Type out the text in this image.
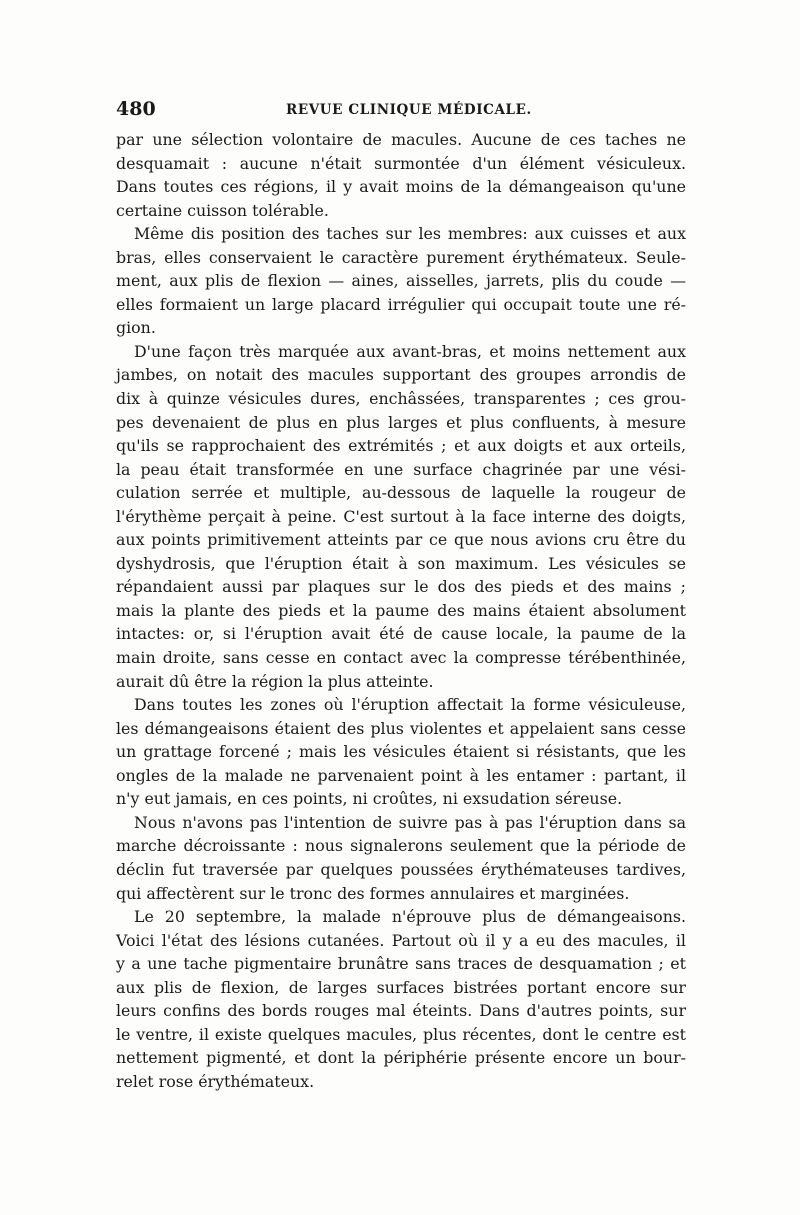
480	REVUE CLINIQUE MÉDICALE.
par une sélection volontaire de macules. Aucune de ces taches ne
desquamait : aucune n'était surmontée d'un élément vésiculeux.
Dans toutes ces régions, il y avait moins de la démangeaison qu'une
certaine cuisson tolérable.
Même dis position des taches sur les membres: aux cuisses et aux
bras, elles conservaient le caractère purement érythémateux. Seule-
ment, aux plis de flexion — aines, aisselles, jarrets, plis du coude —
elles formaient un large placard irrégulier qui occupait toute une ré-
gion.
D'une façon très marquée aux avant-bras, et moins nettement aux
jambes, on notait des macules supportant des groupes arrondis de
dix à quinze vésicules dures, enchâssées, transparentes ; ces grou-
pes devenaient de plus en plus larges et plus confluents, à mesure
qu'ils se rapprochaient des extrémités ; et aux doigts et aux orteils,
la peau était transformée en une surface chagrinée par une vési-
culation serrée et multiple, au-dessous de laquelle la rougeur de
l'érythème perçait à peine. C'est surtout à la face interne des doigts,
aux points primitivement atteints par ce que nous avions cru être du
dyshydrosis, que l'éruption était à son maximum. Les vésicules se
répandaient aussi par plaques sur le dos des pieds et des mains ;
mais la plante des pieds et la paume des mains étaient absolument
intactes: or, si l'éruption avait été de cause locale, la paume de la
main droite, sans cesse en contact avec la compresse térébenthinée,
aurait dû être la région la plus atteinte.
Dans toutes les zones où l'éruption affectait la forme vésiculeuse,
les démangeaisons étaient des plus violentes et appelaient sans cesse
un grattage forcené ; mais les vésicules étaient si résistants, que les
ongles de la malade ne parvenaient point à les entamer : partant, il
n'y eut jamais, en ces points, ni croûtes, ni exsudation séreuse.
Nous n'avons pas l'intention de suivre pas à pas l'éruption dans sa
marche décroissante : nous signalerons seulement que la période de
déclin fut traversée par quelques poussées érythémateuses tardives,
qui affectèrent sur le tronc des formes annulaires et marginées.
Le 20 septembre, la malade n'éprouve plus de démangeaisons.
Voici l'état des lésions cutanées. Partout où il y a eu des macules, il
y a une tache pigmentaire brunâtre sans traces de desquamation ; et
aux plis de flexion, de larges surfaces bistrées portant encore sur
leurs confins des bords rouges mal éteints. Dans d'autres points, sur
le ventre, il existe quelques macules, plus récentes, dont le centre est
nettement pigmenté, et dont la périphérie présente encore un bour-
relet rose érythémateux.
